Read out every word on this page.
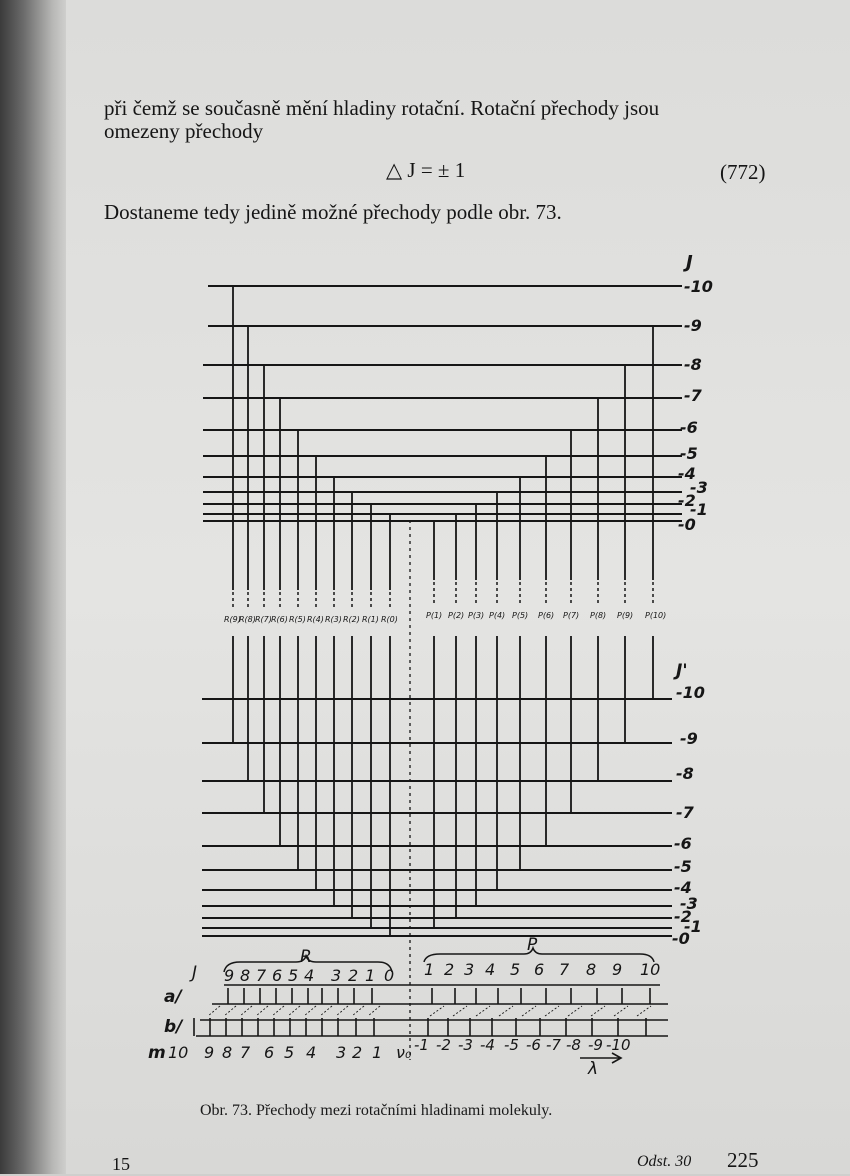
při čemž se současně mění hladiny rotační. Rotační přechody jsou
omezeny přechody
△ J = ± 1	(772)
Dostaneme tedy jedině možné přechody podle obr. 73.
J
J'
-10
-9
-8
-7
-6
-5
-4
-3
-2
-1
-0
-10
-9
-8
-7
-6
-5
-4
-3
-2
-1
-0
R(9)
R(8) R(7) R(6) R(5) R(4) R(3) R(2) R(1) R(0)	P(1) P(2) P(3) P(4) P(5) P(6) P(7) P(8) P(9) P(10)
R
P
J 9 8 7 6 5 4 3 2 1 0 1 2 3 4 5 6 7 8 9 10
a/
b/
m 10 9 8 7 6 5 4 3 2 1 ν₀ -1 -2 -3 -4 -5 -6 -7 -8 -9 -10
λ
Obr. 73. Přechody mezi rotačními hladinami molekuly.
15	Odst. 30 225
